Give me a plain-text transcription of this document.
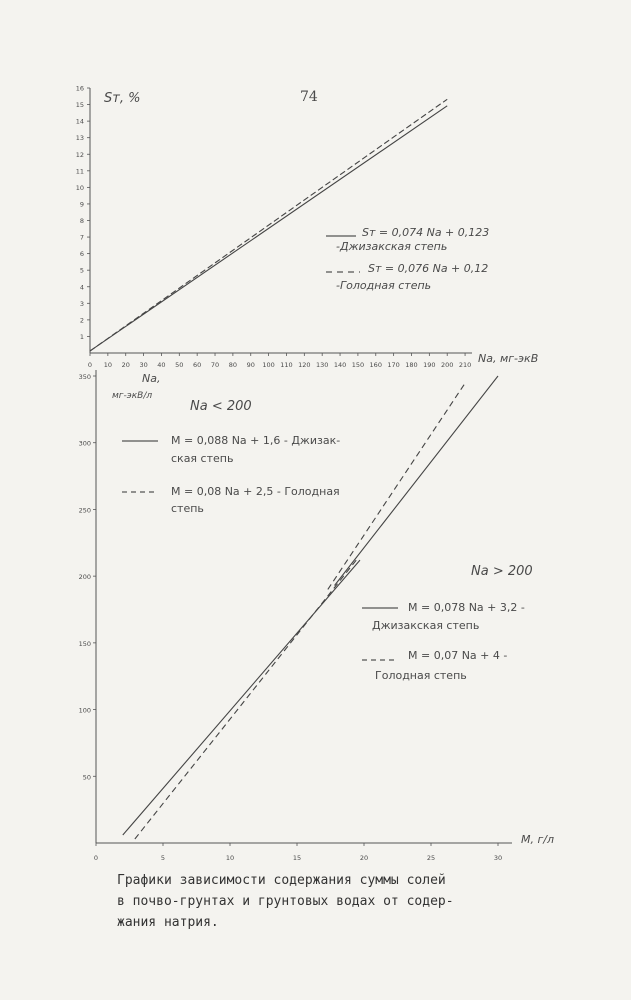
74
Sт, %
Na, мг-экВ
0 10 20 30 40 50 60 70 80 90 100 110 120 130 140 150 160 170 180 190 200 210
1
2
3
4
5
6
7
8
9
10
11
12
13
14
15
16
Sт = 0,074 Na + 0,123
-Джизакская степь
Sт = 0,076 Na + 0,12
-Голодная степь
Na, мг-экВ/л
M, г/л
0	5	10	15	20	25	30
50
100
150
200
250
300
350
Na < 200
Na > 200
M = 0,088 Na + 1,6 - Джизак-
ская степь
M = 0,08 Na + 2,5 - Голодная
степь
M = 0,078 Na + 3,2 -
Джизакская степь
M = 0,07 Na + 4 -
Голодная степь
Графики зависимости содержания суммы солей
в почво-грунтах и грунтовых водах от содер-
жания натрия.
